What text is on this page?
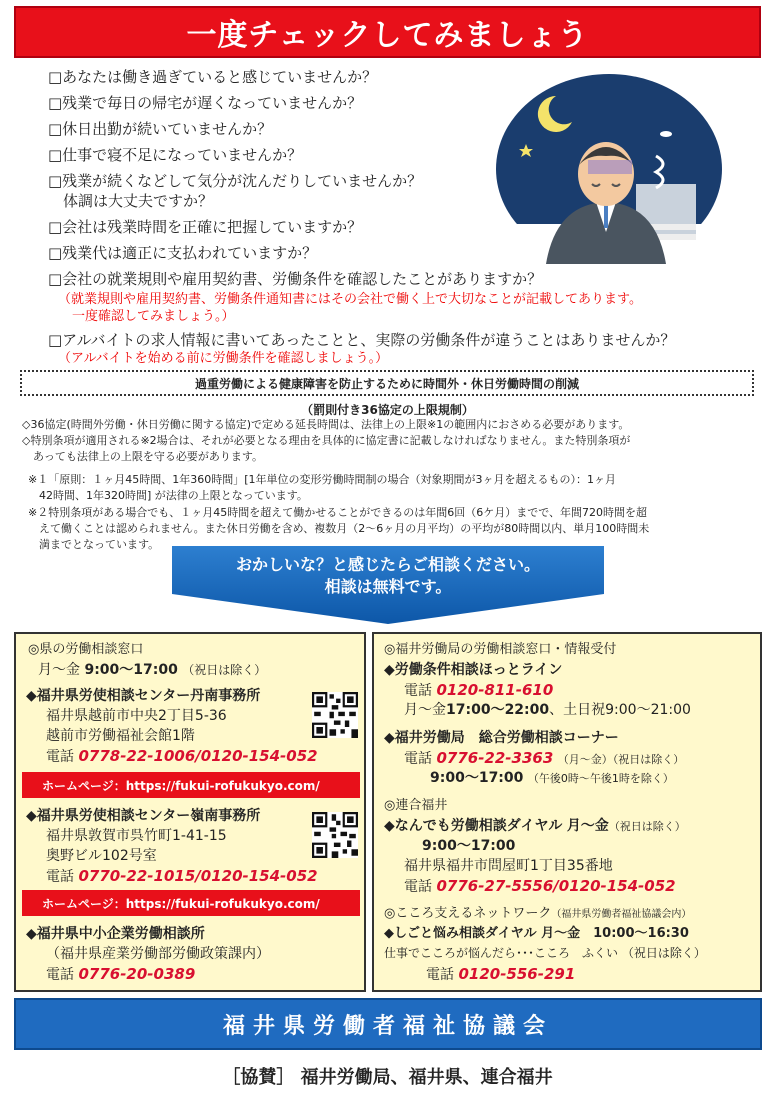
一度チェックしてみましょう
□あなたは働き過ぎていると感じていませんか？
□残業で毎日の帰宅が遅くなっていませんか？
□休日出勤が続いていませんか？
□仕事で寝不足になっていませんか？
□残業が続くなどして気分が沈んだりしていませんか？
　体調は大丈夫ですか？
□会社は残業時間を正確に把握していますか？
□残業代は適正に支払われていますか？
□会社の就業規則や雇用契約書、労働条件を確認したことがありますか？
（就業規則や雇用契約書、労働条件通知書にはその会社で働く上で大切なことが記載してあります。
一度確認してみましょう。）
□アルバイトの求人情報に書いてあったことと、実際の労働条件が違うことはありませんか？
（アルバイトを始める前に労働条件を確認しましょう。）
過重労働による健康障害を防止するために時間外・休日労働時間の削減
（罰則付き36協定の上限規制）
◇36協定(時間外労働・休日労働に関する協定)で定める延長時間は、法律上の上限※1の範囲内におさめる必要があります。
◇特別条項が適用される※2場合は、それが必要となる理由を具体的に協定書に記載しなければなりません。また特別条項が
　あっても法律上の上限を守る必要があります。
※１「原則：１ヶ月45時間、1年360時間」[1年単位の変形労働時間制の場合（対象期間が3ヶ月を超えるもの）：1ヶ月
　42時間、1年320時間] が法律の上限となっています。
※２特別条項がある場合でも、１ヶ月45時間を超えて働かせることができるのは年間6回（6ケ月）までで、年間720時間を超
　えて働くことは認められません。また休日労働を含め、複数月（2〜6ヶ月の月平均）の平均が80時間以内、単月100時間未
　満までとなっています。
おかしいな？と感じたらご相談ください。
相談は無料です。
◎県の労働相談窓口
月〜金 9:00〜17:00 （祝日は除く）
◆福井県労使相談センター丹南事務所
福井県越前市中央2丁目5-36
越前市労働福祉会館1階
電話 0778-22-1006/0120-154-052
ホームページ：https://fukui-rofukukyo.com/
◆福井県労使相談センター嶺南事務所
福井県敦賀市呉竹町1-41-15
奥野ビル102号室
電話 0770-22-1015/0120-154-052
ホームページ：https://fukui-rofukukyo.com/
◆福井県中小企業労働相談所
（福井県産業労働部労働政策課内）
電話 0776-20-0389
◎福井労働局の労働相談窓口・情報受付
◆労働条件相談ほっとライン
電話 0120-811-610
月〜金17:00〜22:00、土日祝9:00〜21:00
◆福井労働局　総合労働相談コーナー
電話 0776-22-3363 （月〜金）（祝日は除く）
9:00〜17:00 （午後0時〜午後1時を除く）
◎連合福井
◆なんでも労働相談ダイヤル 月〜金（祝日は除く）
9:00〜17:00
福井県福井市問屋町1丁目35番地
電話 0776-27-5556/0120-154-052
◎こころ支えるネットワーク（福井県労働者福祉協議会内）
◆しごと悩み相談ダイヤル 月〜金　10:00〜16:30
仕事でこころが悩んだら･･･こころ　ふくい （祝日は除く）
電話 0120-556-291
福井県労働者福祉協議会
［協賛］ 福井労働局、福井県、連合福井
